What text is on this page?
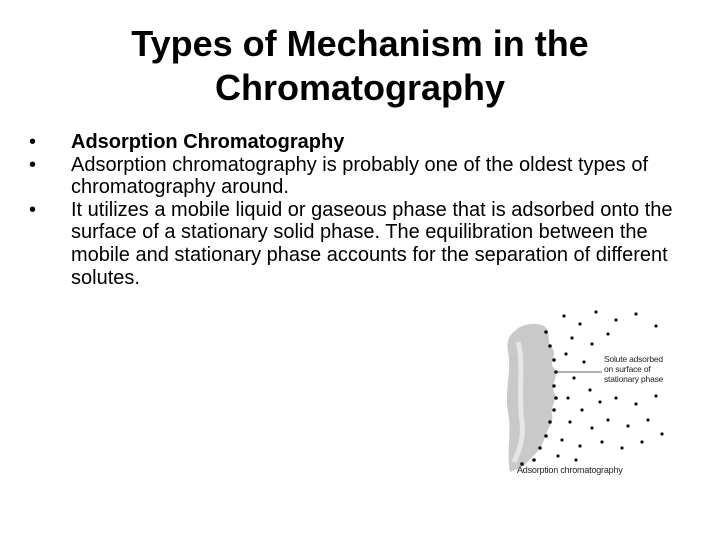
Types of Mechanism in the
Chromatography
• Adsorption Chromatography
• Adsorption chromatography is probably one of the oldest types of chromatography around.
• It utilizes a mobile liquid or gaseous phase that is adsorbed onto the surface of a stationary solid phase. The equilibration between the mobile and stationary phase accounts for the separation of different solutes.
Solute adsorbed
on surface of
stationary phase
Adsorption chromatography
